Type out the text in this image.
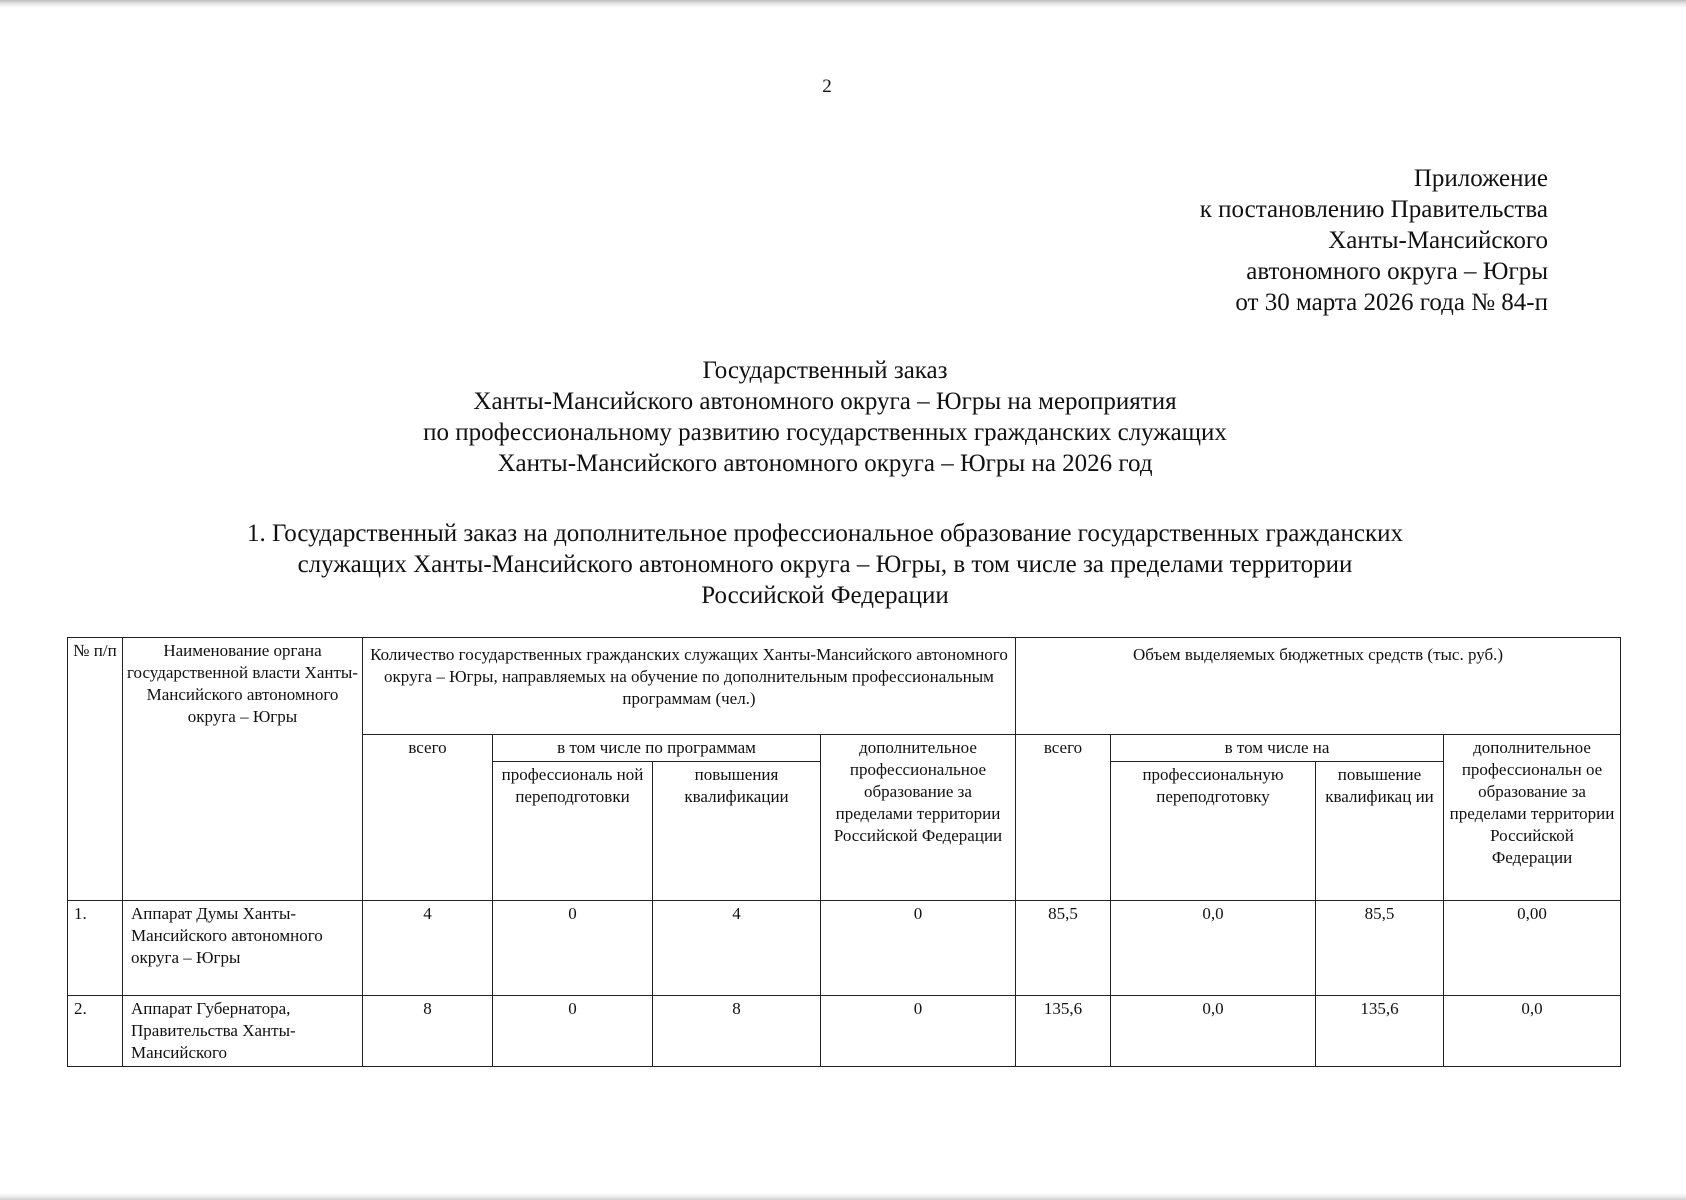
2
Приложение
к постановлению Правительства
Ханты-Мансийского
автономного округа – Югры
от 30 марта 2026 года № 84-п
Государственный заказ
Ханты-Мансийского автономного округа – Югры на мероприятия
по профессиональному развитию государственных гражданских служащих
Ханты-Мансийского автономного округа – Югры на 2026 год
1. Государственный заказ на дополнительное профессиональное образование государственных гражданских
служащих Ханты-Мансийского автономного округа – Югры, в том числе за пределами территории
Российской Федерации
№ п/п	Наименование органа государственной власти Ханты-Мансийского автономного округа – Югры	Количество государственных гражданских служащих Ханты-Мансийского автономного округа – Югры, направляемых на обучение по дополнительным профессиональным программам (чел.)				Объем выделяемых бюджетных средств (тыс. руб.)			
		всего	в том числе по программам		дополнительное профессиональное образование за пределами территории Российской Федерации	всего	в том числе на		дополнительное профессиональн ое образование за пределами территории Российской Федерации
			профессиональ ной переподготовки	повышения квалификации			профессиональную переподготовку	повышение квалификац ии	
1.	Аппарат Думы Ханты-Мансийского автономного округа – Югры	4	0	4	0	85,5	0,0	85,5	0,00
2.	Аппарат Губернатора, Правительства Ханты-Мансийского	8	0	8	0	135,6	0,0	135,6	0,0
